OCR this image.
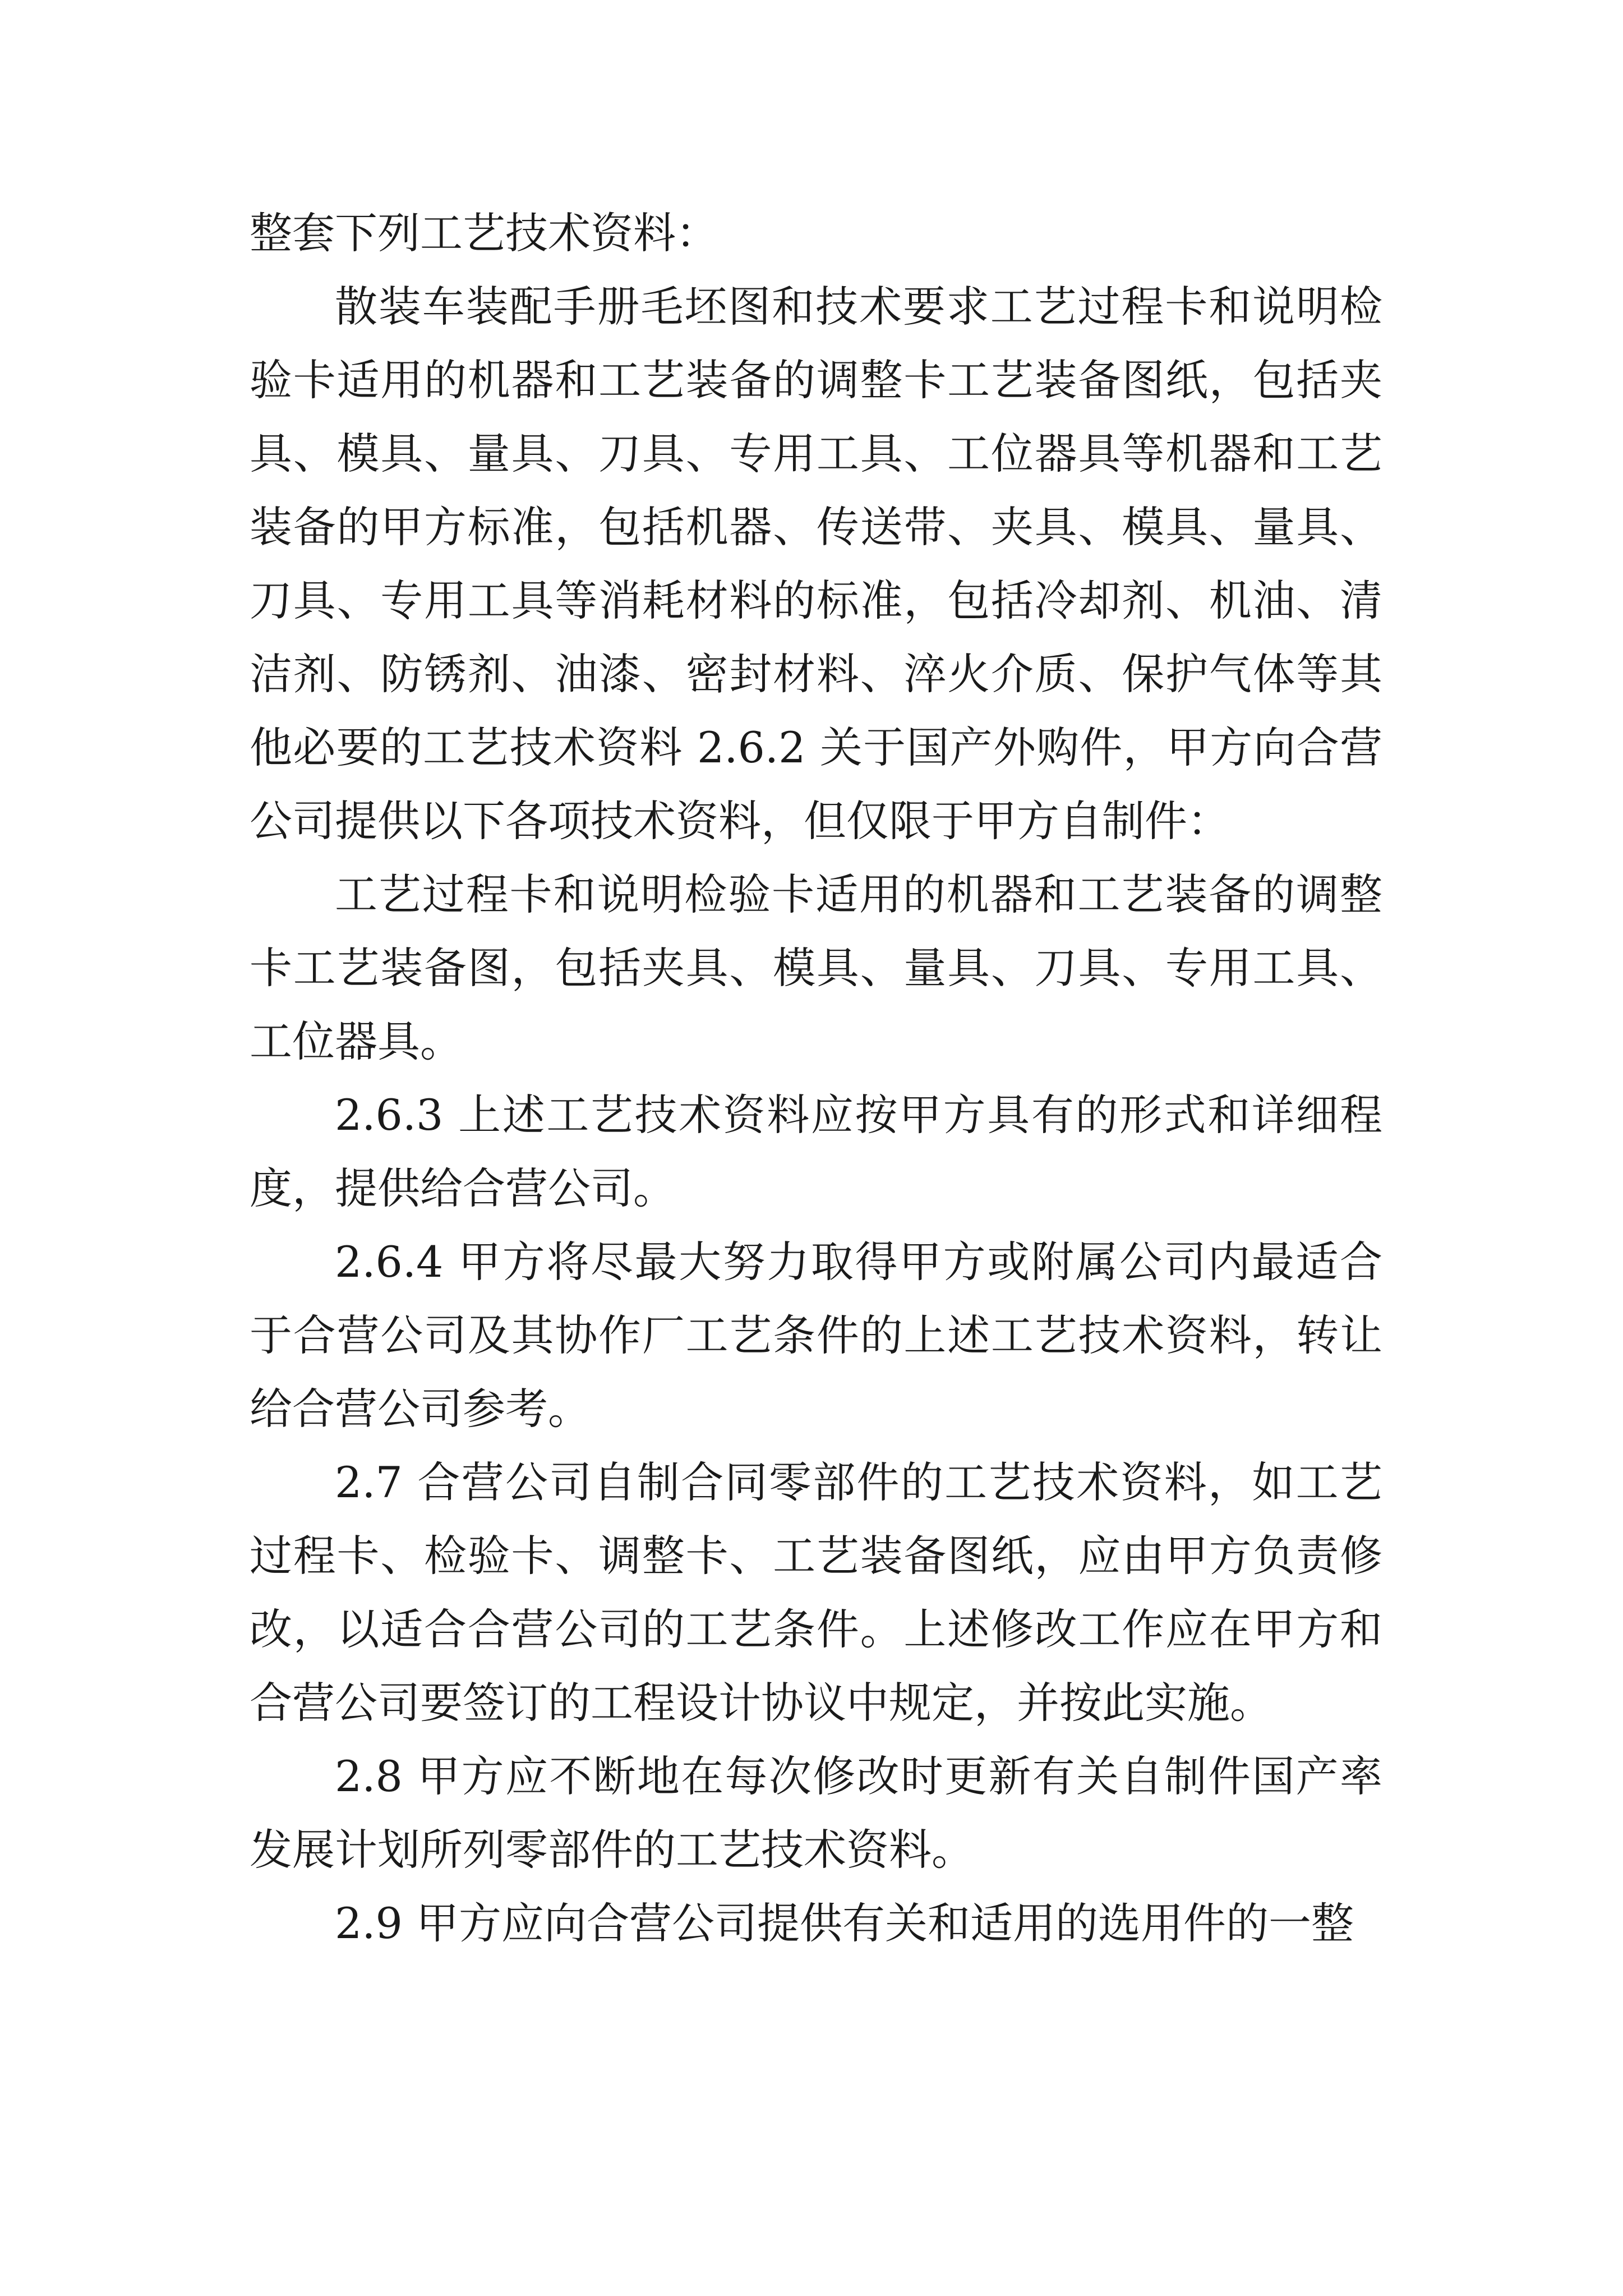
整套下列工艺技术资料：

散装车装配手册毛坯图和技术要求工艺过程卡和说明检验卡适用的机器和工艺装备的调整卡工艺装备图纸，包括夹具、模具、量具、刀具、专用工具、工位器具等机器和工艺装备的甲方标准，包括机器、传送带、夹具、模具、量具、刀具、专用工具等消耗材料的标准，包括冷却剂、机油、清洁剂、防锈剂、油漆、密封材料、淬火介质、保护气体等其他必要的工艺技术资料 2.6.2 关于国产外购件，甲方向合营公司提供以下各项技术资料，但仅限于甲方自制件：

工艺过程卡和说明检验卡适用的机器和工艺装备的调整卡工艺装备图，包括夹具、模具、量具、刀具、专用工具、工位器具。

2.6.3 上述工艺技术资料应按甲方具有的形式和详细程度，提供给合营公司。

2.6.4 甲方将尽最大努力取得甲方或附属公司内最适合于合营公司及其协作厂工艺条件的上述工艺技术资料，转让给合营公司参考。

2.7 合营公司自制合同零部件的工艺技术资料，如工艺过程卡、检验卡、调整卡、工艺装备图纸，应由甲方负责修改，以适合合营公司的工艺条件。上述修改工作应在甲方和合营公司要签订的工程设计协议中规定，并按此实施。

2.8 甲方应不断地在每次修改时更新有关自制件国产率发展计划所列零部件的工艺技术资料。

2.9 甲方应向合营公司提供有关和适用的选用件的一整
